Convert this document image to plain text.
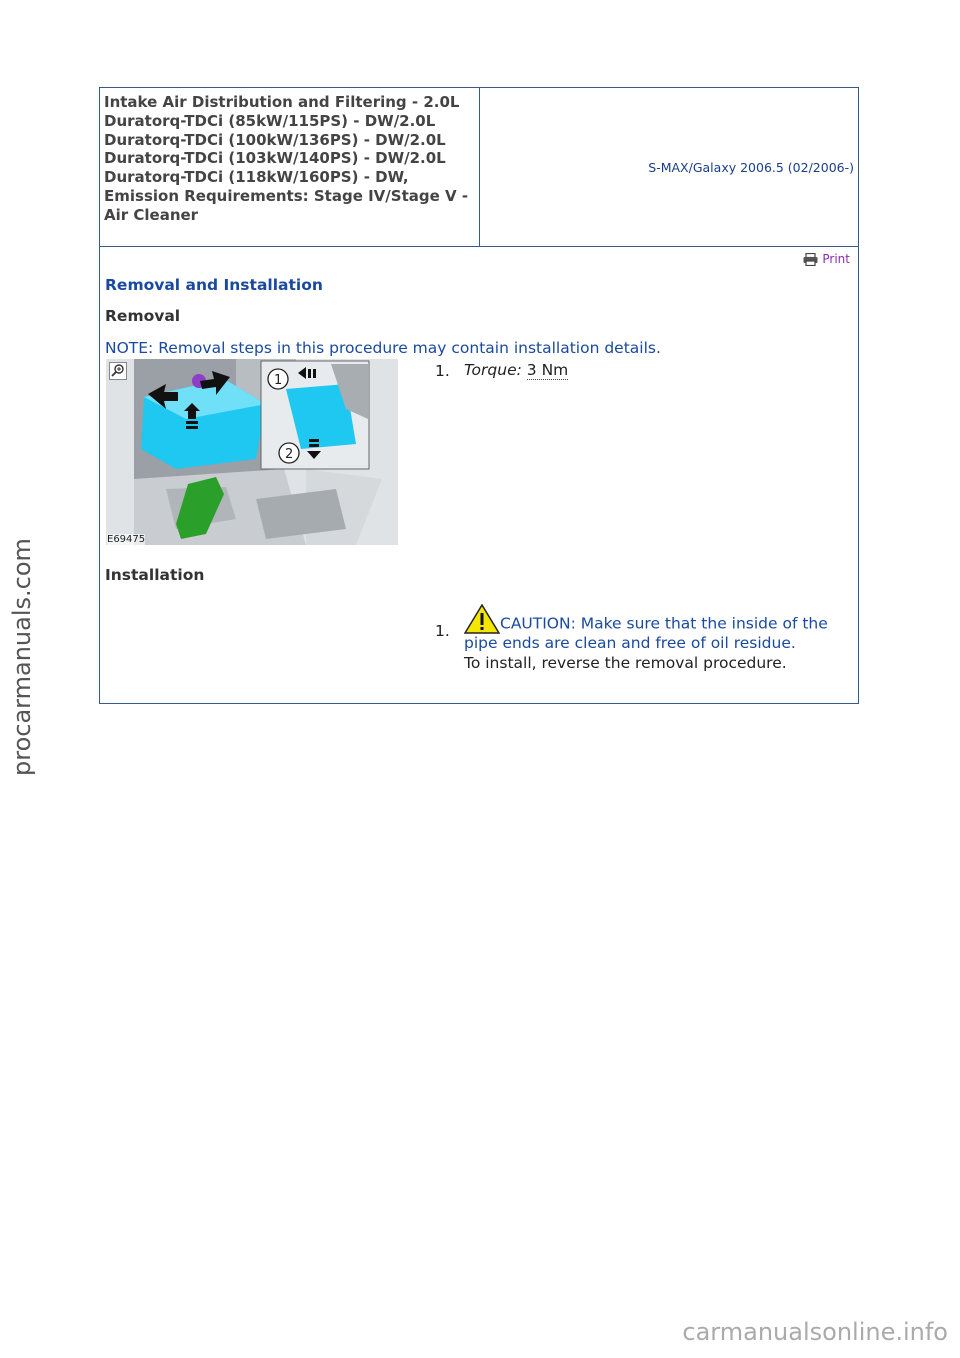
Intake Air Distribution and Filtering - 2.0L Duratorq-TDCi (85kW/115PS) - DW/2.0L Duratorq-TDCi (100kW/136PS) - DW/2.0L Duratorq-TDCi (103kW/140PS) - DW/2.0L Duratorq-TDCi (118kW/160PS) - DW, Emission Requirements: Stage IV/Stage V - Air Cleaner
S-MAX/Galaxy 2006.5 (02/2006-)
Print
Removal and Installation
Removal
NOTE: Removal steps in this procedure may contain installation details.
1
2
E69475
1. Torque: 3 Nm
Installation
1.	CAUTION: Make sure that the inside of the pipe ends are clean and free of oil residue.
To install, reverse the removal procedure.
procarmanuals.com
carmanualsonline.info
